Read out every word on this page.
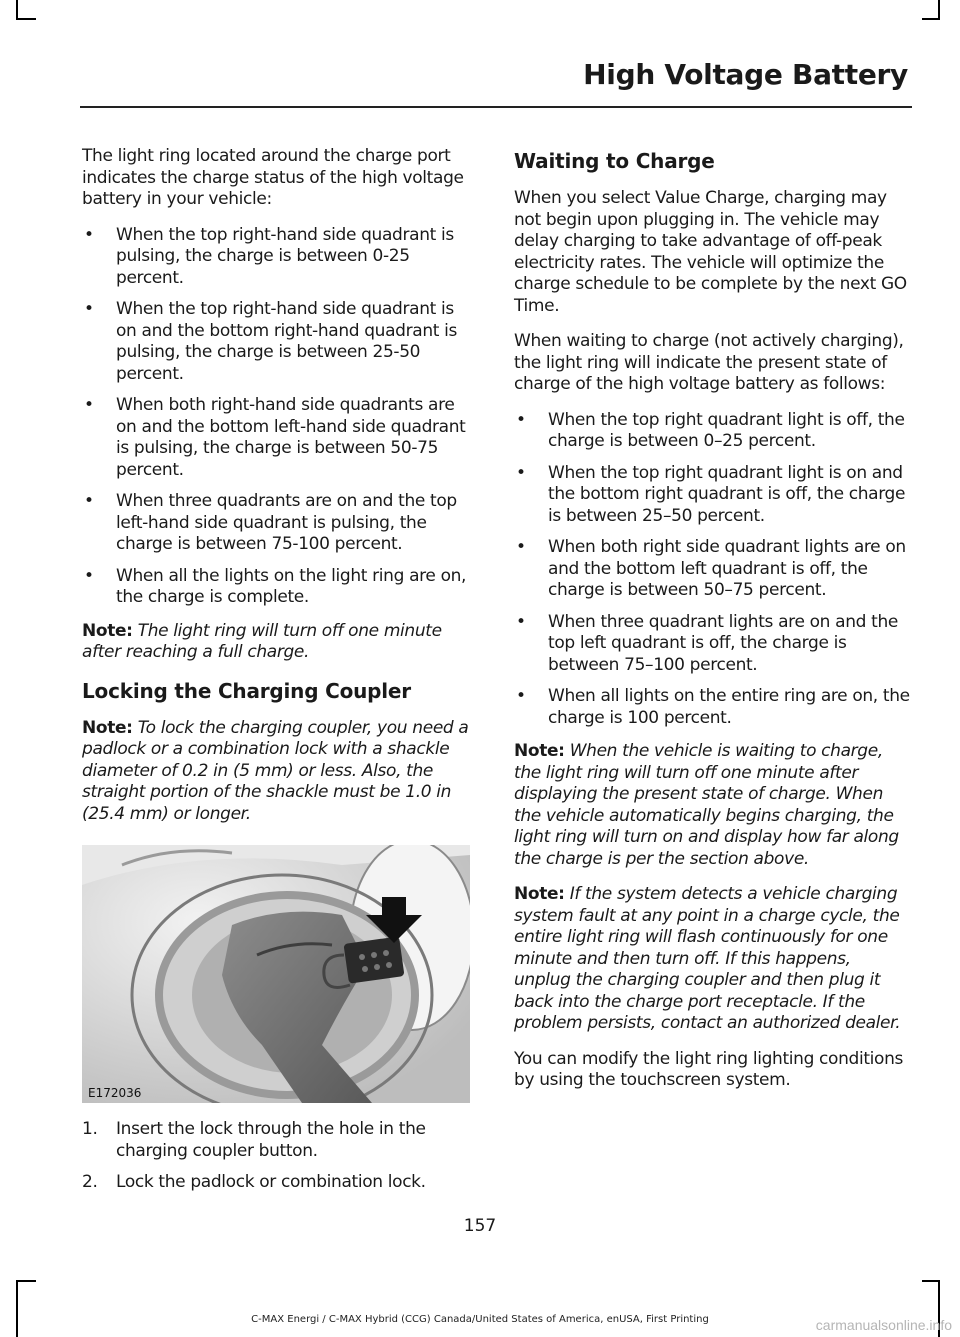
High Voltage Battery

The light ring located around the charge port indicates the charge status of the high voltage battery in your vehicle:

• When the top right-hand side quadrant is pulsing, the charge is between 0-25 percent.
• When the top right-hand side quadrant is on and the bottom right-hand quadrant is pulsing, the charge is between 25-50 percent.
• When both right-hand side quadrants are on and the bottom left-hand side quadrant is pulsing, the charge is between 50-75 percent.
• When three quadrants are on and the top left-hand side quadrant is pulsing, the charge is between 75-100 percent.
• When all the lights on the light ring are on, the charge is complete.

Note: The light ring will turn off one minute after reaching a full charge.

Locking the Charging Coupler

Note: To lock the charging coupler, you need a padlock or a combination lock with a shackle diameter of 0.2 in (5 mm) or less. Also, the straight portion of the shackle must be 1.0 in (25.4 mm) or longer.

E172036
1. Insert the lock through the hole in the charging coupler button.
2. Lock the padlock or combination lock.
Waiting to Charge

When you select Value Charge, charging may not begin upon plugging in. The vehicle may delay charging to take advantage of off-peak electricity rates. The vehicle will optimize the charge schedule to be complete by the next GO Time.

When waiting to charge (not actively charging), the light ring will indicate the present state of charge of the high voltage battery as follows:

• When the top right quadrant light is off, the charge is between 0–25 percent.
• When the top right quadrant light is on and the bottom right quadrant is off, the charge is between 25–50 percent.
• When both right side quadrant lights are on and the bottom left quadrant is off, the charge is between 50–75 percent.
• When three quadrant lights are on and the top left quadrant is off, the charge is between 75–100 percent.
• When all lights on the entire ring are on, the charge is 100 percent.

Note: When the vehicle is waiting to charge, the light ring will turn off one minute after displaying the present state of charge. When the vehicle automatically begins charging, the light ring will turn on and display how far along the charge is per the section above.

Note: If the system detects a vehicle charging system fault at any point in a charge cycle, the entire light ring will flash continuously for one minute and then turn off. If this happens, unplug the charging coupler and then plug it back into the charge port receptacle. If the problem persists, contact an authorized dealer.

You can modify the light ring lighting conditions by using the touchscreen system.

157
C-MAX Energi / C-MAX Hybrid (CCG) Canada/United States of America, enUSA, First Printing	carmanualsonline.info
